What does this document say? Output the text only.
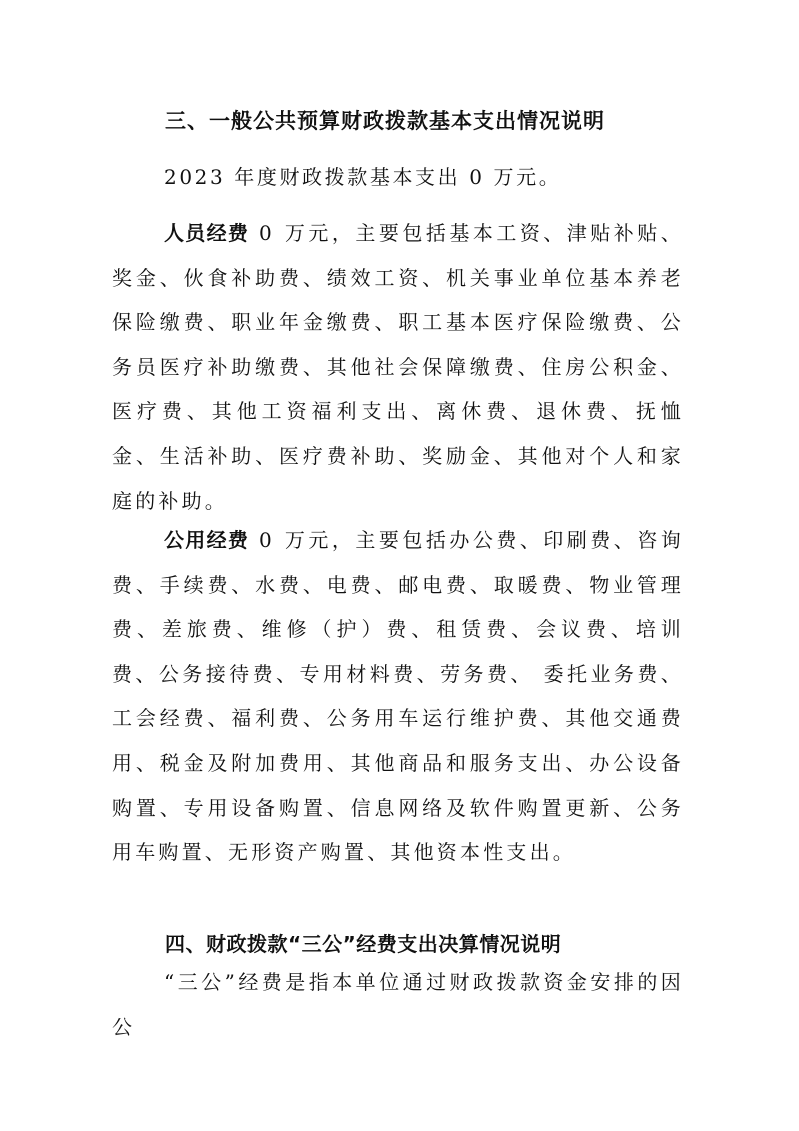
三、一般公共预算财政拨款基本支出情况说明

2023 年度财政拨款基本支出 0 万元。

人员经费 0 万元，主要包括基本工资、津贴补贴、奖金、伙食补助费、绩效工资、机关事业单位基本养老保险缴费、职业年金缴费、职工基本医疗保险缴费、公务员医疗补助缴费、其他社会保障缴费、住房公积金、医疗费、其他工资福利支出、离休费、退休费、抚恤金、生活补助、医疗费补助、奖励金、其他对个人和家庭的补助。

公用经费 0 万元，主要包括办公费、印刷费、咨询费、手续费、水费、电费、邮电费、取暖费、物业管理费、差旅费、维修（护）费、租赁费、会议费、培训费、公务接待费、专用材料费、劳务费、 委托业务费、工会经费、福利费、公务用车运行维护费、其他交通费用、税金及附加费用、其他商品和服务支出、办公设备购置、专用设备购置、信息网络及软件购置更新、公务用车购置、无形资产购置、其他资本性支出。

四、财政拨款“三公”经费支出决算情况说明

“三公”经费是指本单位通过财政拨款资金安排的因公
